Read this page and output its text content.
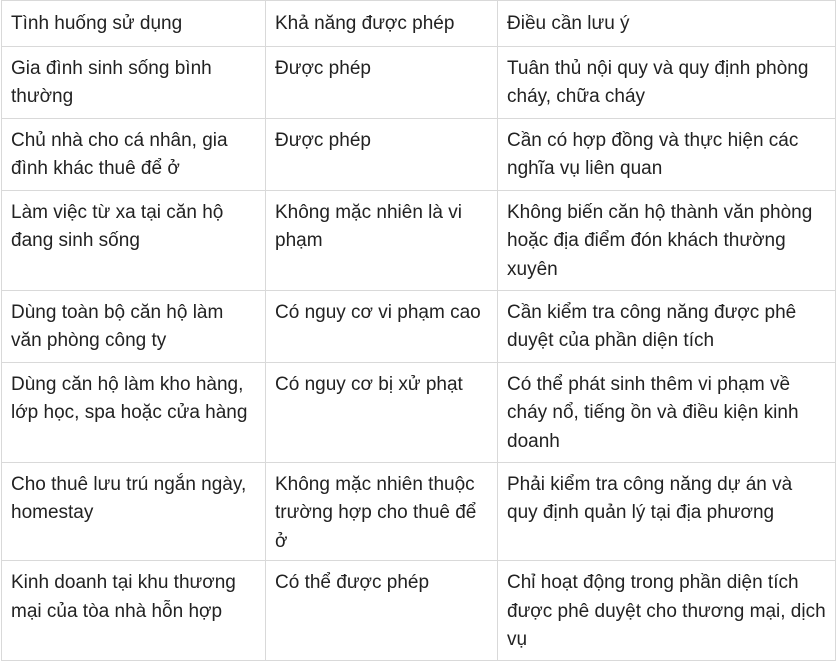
Tình huống sử dụng	Khả năng được phép	Điều cần lưu ý
Gia đình sinh sống bình thường	Được phép	Tuân thủ nội quy và quy định phòng cháy, chữa cháy
Chủ nhà cho cá nhân, gia đình khác thuê để ở	Được phép	Cần có hợp đồng và thực hiện các nghĩa vụ liên quan
Làm việc từ xa tại căn hộ đang sinh sống	Không mặc nhiên là vi phạm	Không biến căn hộ thành văn phòng hoặc địa điểm đón khách thường xuyên
Dùng toàn bộ căn hộ làm văn phòng công ty	Có nguy cơ vi phạm cao	Cần kiểm tra công năng được phê duyệt của phần diện tích
Dùng căn hộ làm kho hàng, lớp học, spa hoặc cửa hàng	Có nguy cơ bị xử phạt	Có thể phát sinh thêm vi phạm về cháy nổ, tiếng ồn và điều kiện kinh doanh
Cho thuê lưu trú ngắn ngày, homestay	Không mặc nhiên thuộc trường hợp cho thuê để ở	Phải kiểm tra công năng dự án và quy định quản lý tại địa phương
Kinh doanh tại khu thương mại của tòa nhà hỗn hợp	Có thể được phép	Chỉ hoạt động trong phần diện tích được phê duyệt cho thương mại, dịch vụ
